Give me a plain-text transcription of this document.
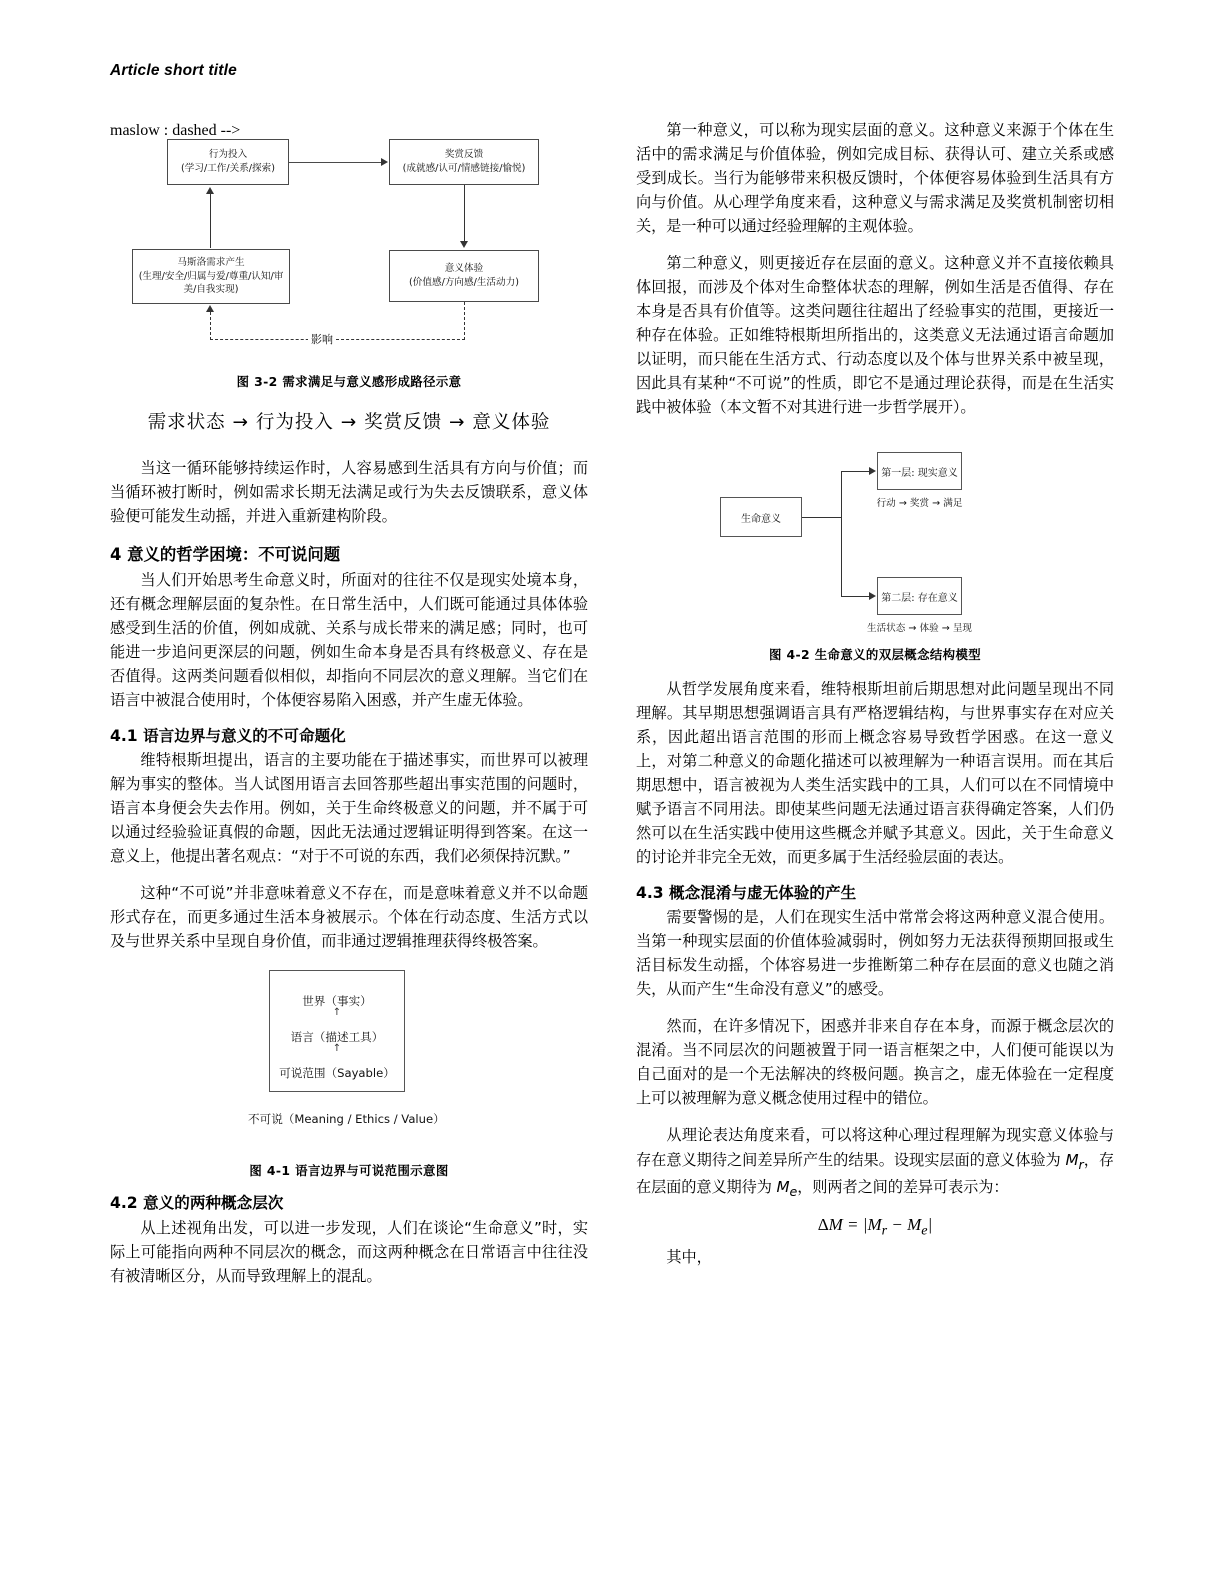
Article short title
行为投入
(学习/工作/关系/探索)
奖赏反馈
(成就感/认可/情感链接/愉悦)
马斯洛需求产生
(生理/安全/归属与爱/尊重/认知/审美/自我实现)
意义体验
(价值感/方向感/生活动力)
maslow : dashed -->
影响
图 3-2 需求满足与意义感形成路径示意
需求状态 → 行为投入 → 奖赏反馈 → 意义体验

当这一循环能够持续运作时，人容易感到生活具有方向与价值；而当循环被打断时，例如需求长期无法满足或行为失去反馈联系，意义体验便可能发生动摇，并进入重新建构阶段。

4 意义的哲学困境：不可说问题

当人们开始思考生命意义时，所面对的往往不仅是现实处境本身，还有概念理解层面的复杂性。在日常生活中，人们既可能通过具体体验感受到生活的价值，例如成就、关系与成长带来的满足感；同时，也可能进一步追问更深层的问题，例如生命本身是否具有终极意义、存在是否值得。这两类问题看似相似，却指向不同层次的意义理解。当它们在语言中被混合使用时，个体便容易陷入困惑，并产生虚无体验。

4.1 语言边界与意义的不可命题化

维特根斯坦提出，语言的主要功能在于描述事实，而世界可以被理解为事实的整体。当人试图用语言去回答那些超出事实范围的问题时，语言本身便会失去作用。例如，关于生命终极意义的问题，并不属于可以通过经验验证真假的命题，因此无法通过逻辑证明得到答案。在这一意义上，他提出著名观点：“对于不可说的东西，我们必须保持沉默。”

这种“不可说”并非意味着意义不存在，而是意味着意义并不以命题形式存在，而更多通过生活本身被展示。个体在行动态度、生活方式以及与世界关系中呈现自身价值，而非通过逻辑推理获得终极答案。

世界（事实）
↑
语言（描述工具）
↑
可说范围（Sayable）
不可说（Meaning / Ethics / Value）
图 4-1 语言边界与可说范围示意图
4.2 意义的两种概念层次

从上述视角出发，可以进一步发现，人们在谈论“生命意义”时，实际上可能指向两种不同层次的概念，而这两种概念在日常语言中往往没有被清晰区分，从而导致理解上的混乱。

第一种意义，可以称为现实层面的意义。这种意义来源于个体在生活中的需求满足与价值体验，例如完成目标、获得认可、建立关系或感受到成长。当行为能够带来积极反馈时，个体便容易体验到生活具有方向与价值。从心理学角度来看，这种意义与需求满足及奖赏机制密切相关，是一种可以通过经验理解的主观体验。

第二种意义，则更接近存在层面的意义。这种意义并不直接依赖具体回报，而涉及个体对生命整体状态的理解，例如生活是否值得、存在本身是否具有价值等。这类问题往往超出了经验事实的范围，更接近一种存在体验。正如维特根斯坦所指出的，这类意义无法通过语言命题加以证明，而只能在生活方式、行动态度以及个体与世界关系中被呈现，因此具有某种“不可说”的性质，即它不是通过理论获得，而是在生活实践中被体验（本文暂不对其进行进一步哲学展开）。

生命意义
第一层: 现实意义
行动 → 奖赏 → 满足
第二层: 存在意义
生活状态 → 体验 → 呈现
图 4-2 生命意义的双层概念结构模型

从哲学发展角度来看，维特根斯坦前后期思想对此问题呈现出不同理解。其早期思想强调语言具有严格逻辑结构，与世界事实存在对应关系，因此超出语言范围的形而上概念容易导致哲学困惑。在这一意义上，对第二种意义的命题化描述可以被理解为一种语言误用。而在其后期思想中，语言被视为人类生活实践中的工具，人们可以在不同情境中赋予语言不同用法。即使某些问题无法通过语言获得确定答案，人们仍然可以在生活实践中使用这些概念并赋予其意义。因此，关于生命意义的讨论并非完全无效，而更多属于生活经验层面的表达。

4.3 概念混淆与虚无体验的产生

需要警惕的是，人们在现实生活中常常会将这两种意义混合使用。当第一种现实层面的价值体验减弱时，例如努力无法获得预期回报或生活目标发生动摇，个体容易进一步推断第二种存在层面的意义也随之消失，从而产生“生命没有意义”的感受。

然而，在许多情况下，困惑并非来自存在本身，而源于概念层次的混淆。当不同层次的问题被置于同一语言框架之中，人们便可能误以为自己面对的是一个无法解决的终极问题。换言之，虚无体验在一定程度上可以被理解为意义概念使用过程中的错位。

从理论表达角度来看，可以将这种心理过程理解为现实意义体验与存在意义期待之间差异所产生的结果。设现实层面的意义体验为 $M_r$，存在层面的意义期待为 $M_e$，则两者之间的差异可表示为：

$\Delta M = |M_r - M_e|$

其中，
